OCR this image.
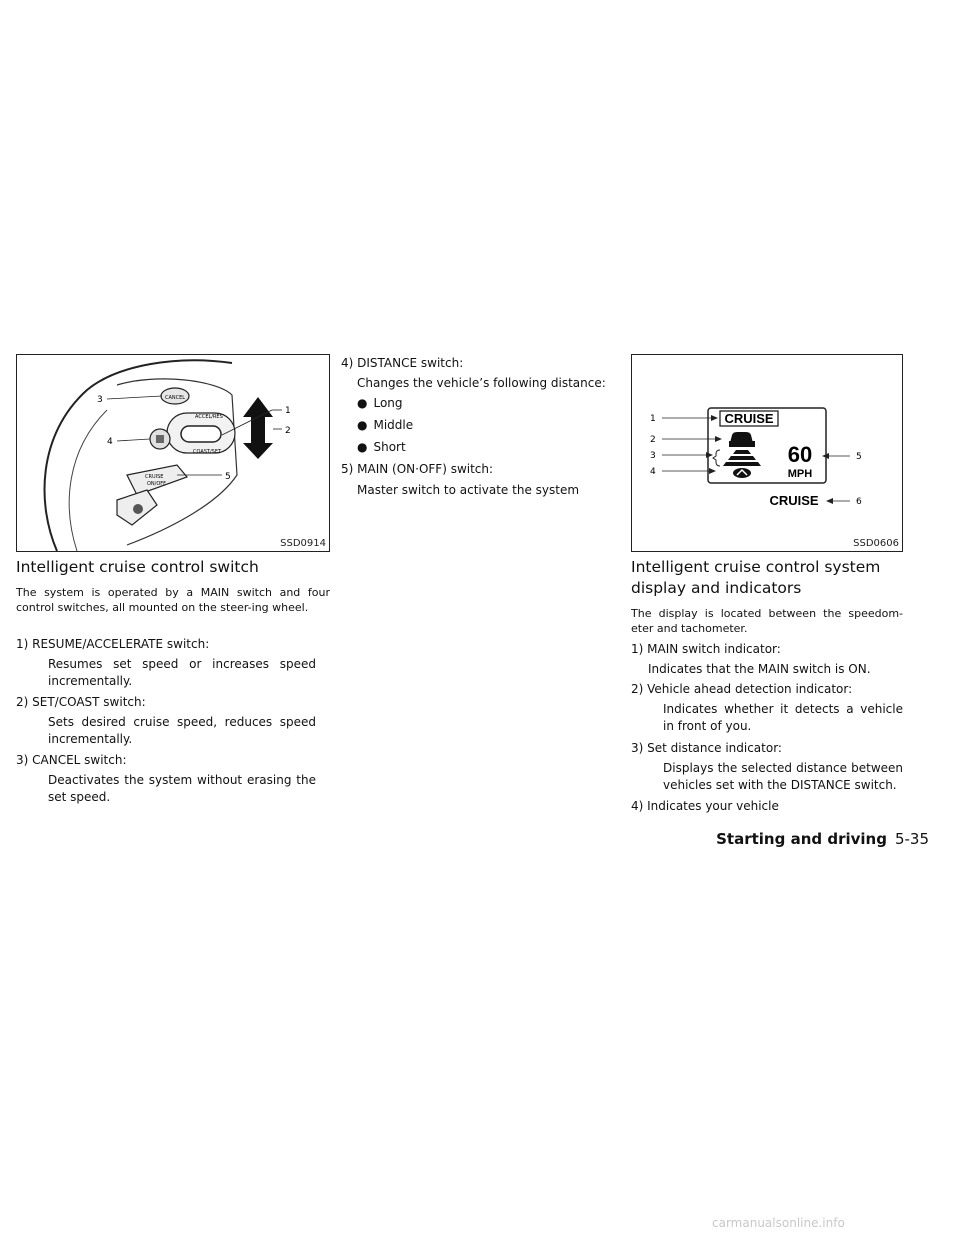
CANCEL
ACCEL/RES
COAST/SET
CRUISE
ON/OFF
3
4
1
2
5
SSD0914
Intelligent cruise control switch

The system is operated by a MAIN switch and four control switches, all mounted on the steer-ing wheel.

1) RESUME/ACCELERATE switch:

Resumes set speed or increases speed incrementally.

2) SET/COAST switch:

Sets desired cruise speed, reduces speed incrementally.

3) CANCEL switch:

Deactivates the system without erasing the set speed.

4) DISTANCE switch:

Changes the vehicle’s following distance:

● Long

● Middle

● Short

5) MAIN (ON·OFF) switch:

Master switch to activate the system

CRUISE
60
MPH
CRUISE
1
2
3
4
5
6
SSD0606
Intelligent cruise control system
display and indicators

The display is located between the speedom-eter and tachometer.

1) MAIN switch indicator:

Indicates that the MAIN switch is ON.

2) Vehicle ahead detection indicator:

Indicates whether it detects a vehicle in front of you.

3) Set distance indicator:

Displays the selected distance between vehicles set with the DISTANCE switch.

4) Indicates your vehicle

Starting and driving 5-35
carmanualsonline.info
